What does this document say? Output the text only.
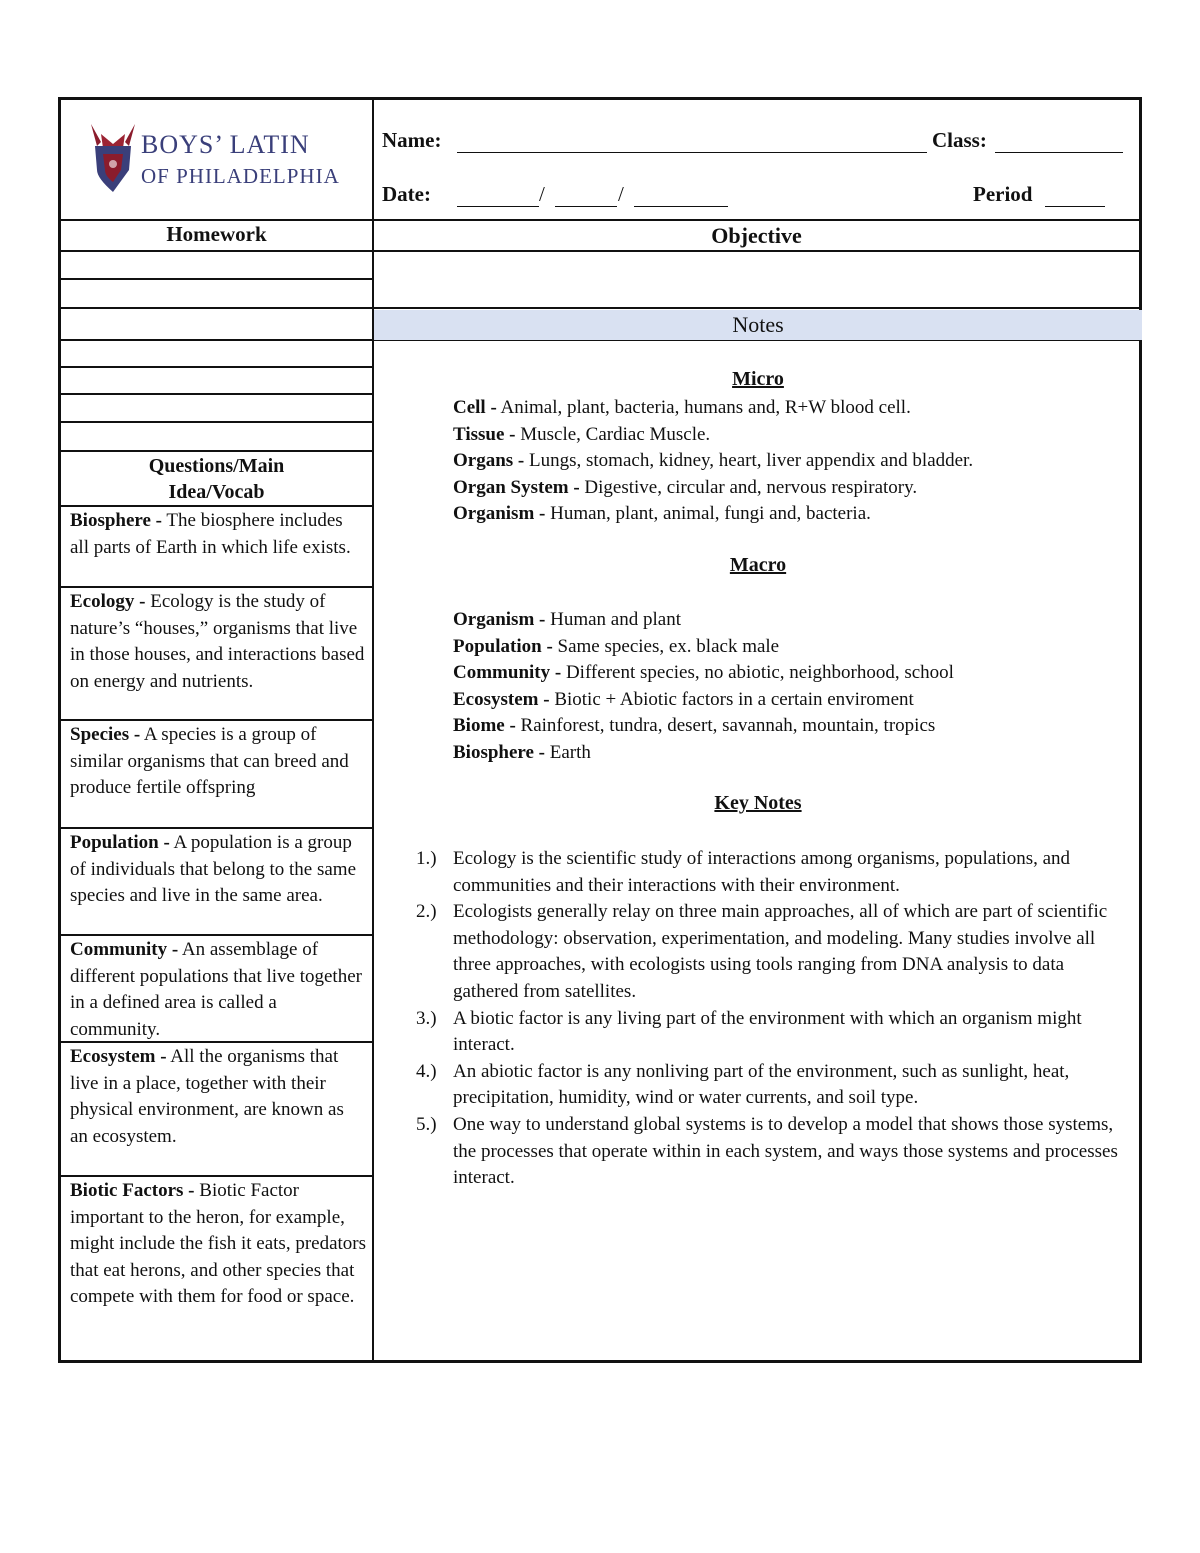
BOYS’ LATIN
OF PHILADELPHIA
Name:	Class:
Date:	/	/	Period
Homework	Objective
Notes
Questions/Main
Idea/Vocab
Biosphere - The biosphere includes all parts of Earth in which life exists.
Ecology - Ecology is the study of nature’s “houses,” organisms that live in those houses, and interactions based on energy and nutrients.
Species - A species is a group of similar organisms that can breed and produce fertile offspring
Population - A population is a group of individuals that belong to the same species and live in the same area.
Community - An assemblage of different populations that live together in a defined area is called a community.
Ecosystem - All the organisms that live in a place, together with their physical environment, are known as an ecosystem.
Biotic Factors - Biotic Factor important to the heron, for example, might include the fish it eats, predators that eat herons, and other species that compete with them for food or space.
Micro
Cell - Animal, plant, bacteria, humans and, R+W blood cell.
Tissue - Muscle, Cardiac Muscle.
Organs - Lungs, stomach, kidney, heart, liver appendix and bladder.
Organ System - Digestive, circular and, nervous respiratory.
Organism - Human, plant, animal, fungi and, bacteria.
Macro
Organism - Human and plant
Population - Same species, ex. black male
Community - Different species, no abiotic, neighborhood, school
Ecosystem - Biotic + Abiotic factors in a certain enviroment
Biome - Rainforest, tundra, desert, savannah, mountain, tropics
Biosphere - Earth
Key Notes
1.) Ecology is the scientific study of interactions among organisms, populations, and communities and their interactions with their environment.
2.) Ecologists generally relay on three main approaches, all of which are part of scientific methodology: observation, experimentation, and modeling. Many studies involve all three approaches, with ecologists using tools ranging from DNA analysis to data gathered from satellites.
3.) A biotic factor is any living part of the environment with which an organism might interact.
4.) An abiotic factor is any nonliving part of the environment, such as sunlight, heat, precipitation, humidity, wind or water currents, and soil type.
5.) One way to understand global systems is to develop a model that shows those systems, the processes that operate within in each system, and ways those systems and processes interact.
